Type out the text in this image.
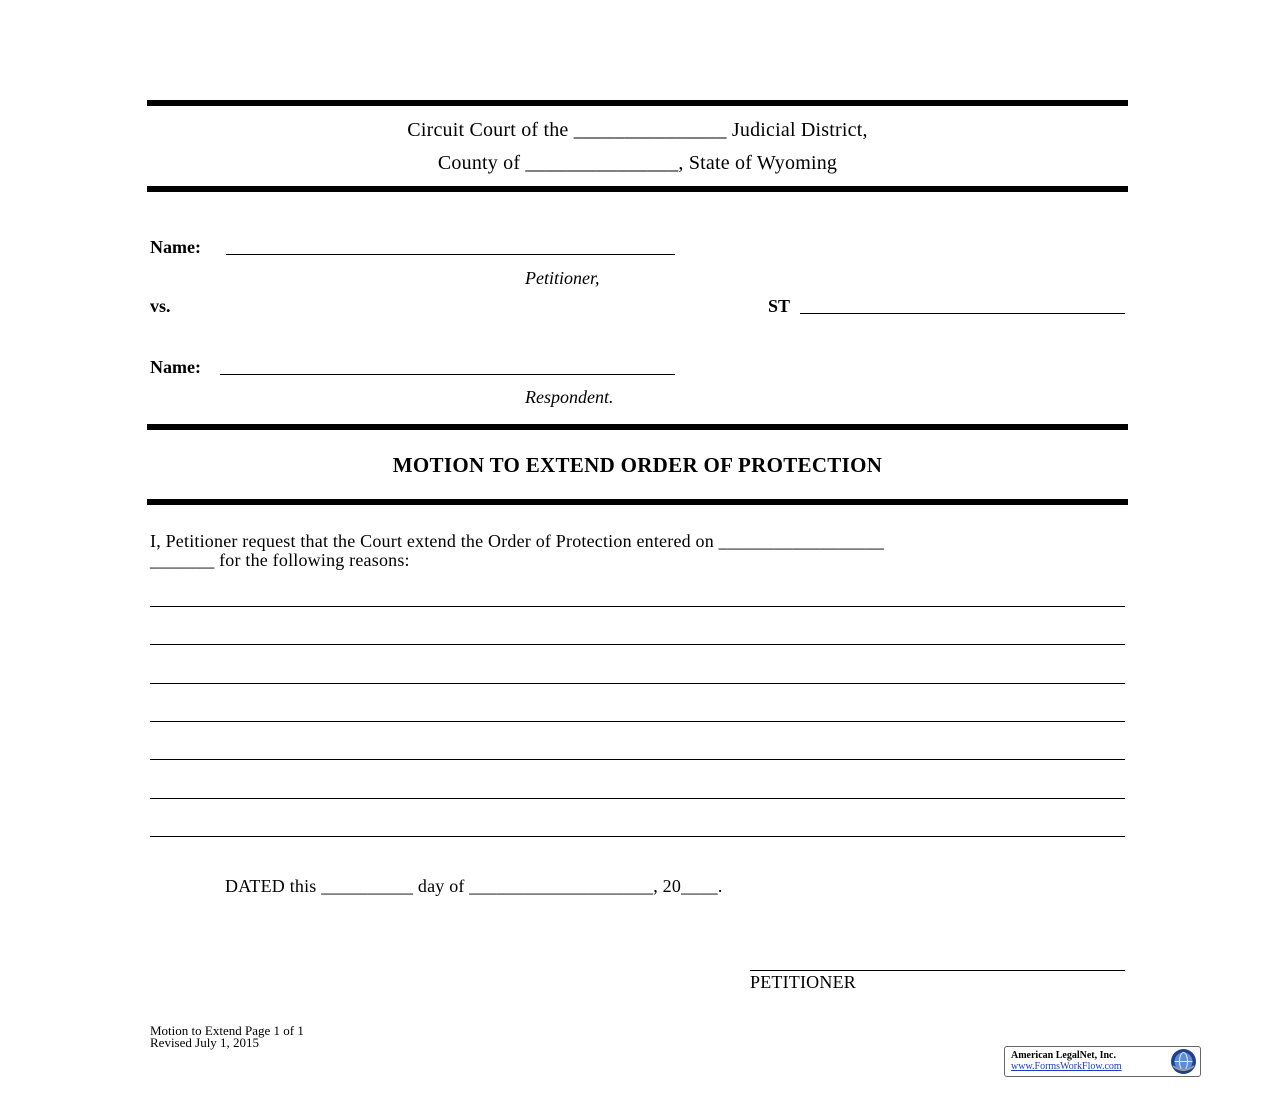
Circuit Court of the _______________ Judicial District,
County of _______________, State of Wyoming
Name:
Petitioner,
vs.	ST
Name:
Respondent.
MOTION TO EXTEND ORDER OF PROTECTION
I, Petitioner request that the Court extend the Order of Protection entered on __________________
_______ for the following reasons:
DATED this __________ day of ____________________, 20____.
PETITIONER
Motion to Extend Page 1 of 1
Revised July 1, 2015
American LegalNet, Inc.
www.FormsWorkFlow.com
